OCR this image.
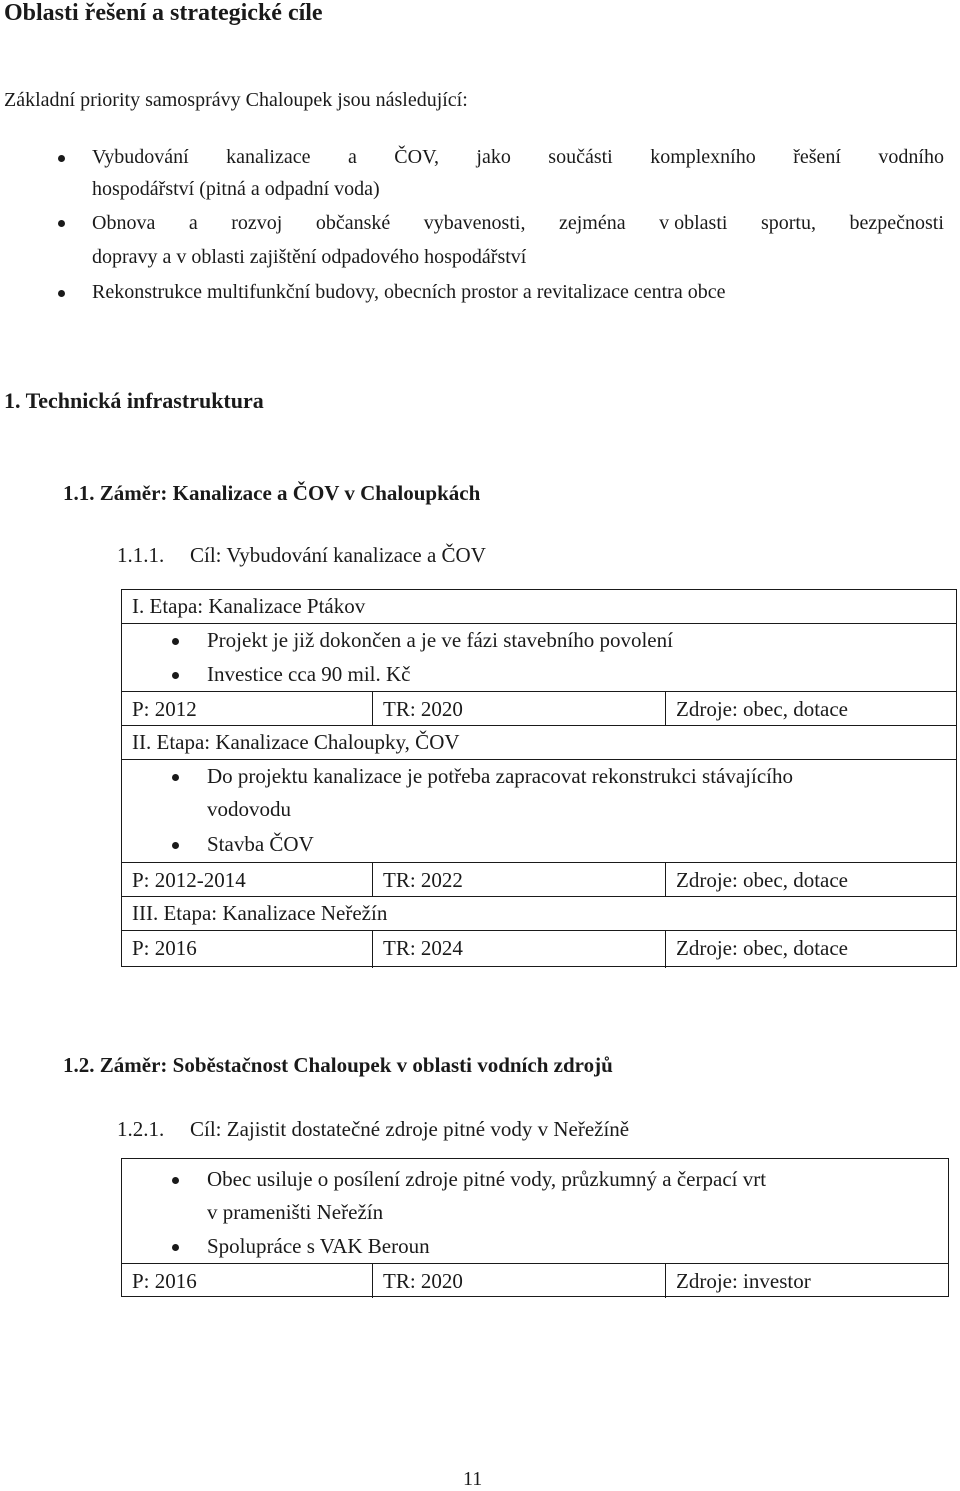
Oblasti řešení a strategické cíle
Základní priority samosprávy Chaloupek jsou následující:
Vybudování kanalizace a ČOV, jako součásti komplexního řešení vodního
hospodářství (pitná a odpadní voda)
Obnova a rozvoj občanské vybavenosti, zejména v oblasti sportu, bezpečnosti
dopravy a v oblasti zajištění odpadového hospodářství
Rekonstrukce multifunkční budovy, obecních prostor a revitalizace centra obce
1. Technická infrastruktura
1.1. Záměr: Kanalizace a ČOV v Chaloupkách
1.1.1. Cíl: Vybudování kanalizace a ČOV
I. Etapa: Kanalizace Ptákov
Projekt je již dokončen a je ve fázi stavebního povolení
Investice cca 90 mil. Kč
P: 2012	TR: 2020	Zdroje: obec, dotace
II. Etapa: Kanalizace Chaloupky, ČOV
Do projektu kanalizace je potřeba zapracovat rekonstrukci stávajícího
vodovodu
Stavba ČOV
P: 2012-2014	TR: 2022	Zdroje: obec, dotace
III. Etapa: Kanalizace Neřežín
P: 2016	TR: 2024	Zdroje: obec, dotace
1.2. Záměr: Soběstačnost Chaloupek v oblasti vodních zdrojů
1.2.1. Cíl: Zajistit dostatečné zdroje pitné vody v Neřežíně
Obec usiluje o posílení zdroje pitné vody, průzkumný a čerpací vrt
v prameništi Neřežín
Spolupráce s VAK Beroun
P: 2016	TR: 2020	Zdroje: investor
11
